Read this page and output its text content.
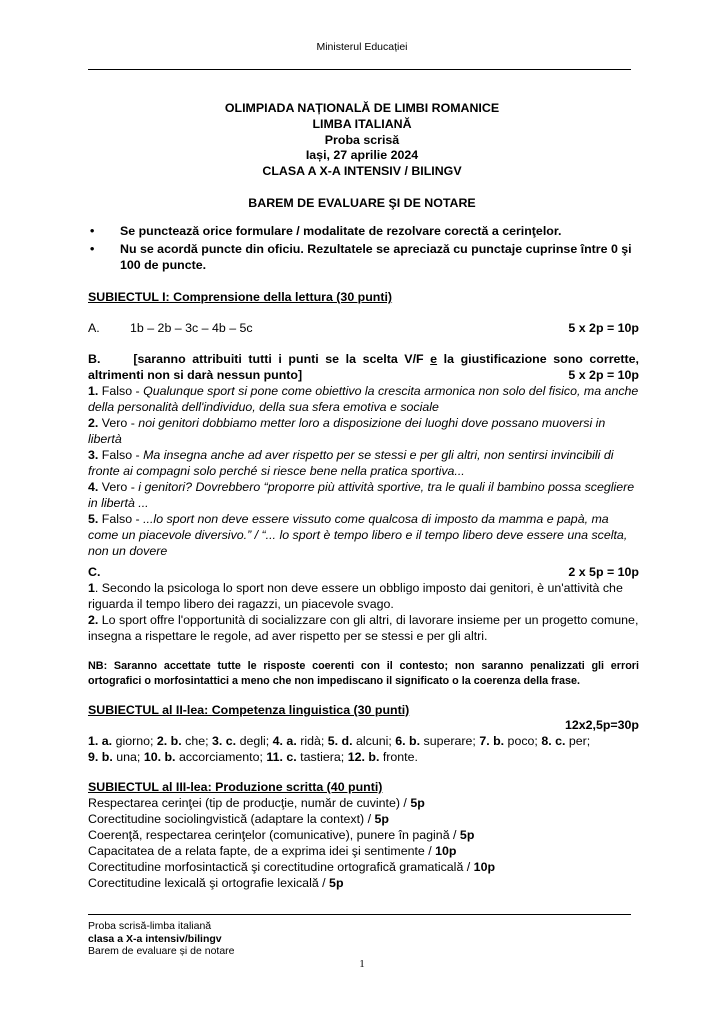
Ministerul Educației
OLIMPIADA NAȚIONALĂ DE LIMBI ROMANICE
LIMBA ITALIANĂ
Proba scrisă
Iași, 27 aprilie 2024
CLASA A X-A INTENSIV / BILINGV
BAREM DE EVALUARE ŞI DE NOTARE
• Se punctează orice formulare / modalitate de rezolvare corectă a cerinţelor.
• Nu se acordă puncte din oficiu. Rezultatele se apreciază cu punctaje cuprinse între 0 şi 100 de puncte.
SUBIECTUL I: Comprensione della lettura (30 punti)
A. 1b – 2b – 3c – 4b – 5c	5 x 2p = 10p
B.	[saranno attribuiti tutti i punti se la scelta V/F e la giustificazione sono corrette, altrimenti non si darà nessun punto]	5 x 2p = 10p
1. Falso - Qualunque sport si pone come obiettivo la crescita armonica non solo del fisico, ma anche della personalità dell'individuo, della sua sfera emotiva e sociale
2. Vero - noi genitori dobbiamo metter loro a disposizione dei luoghi dove possano muoversi in libertà
3. Falso - Ma insegna anche ad aver rispetto per se stessi e per gli altri, non sentirsi invincibili di fronte ai compagni solo perché si riesce bene nella pratica sportiva...
4. Vero - i genitori? Dovrebbero “proporre più attività sportive, tra le quali il bambino possa scegliere in libertà ...
5. Falso - ...lo sport non deve essere vissuto come qualcosa di imposto da mamma e papà, ma come un piacevole diversivo.” / “... lo sport è tempo libero e il tempo libero deve essere una scelta, non un dovere
C.	2 x 5p = 10p
1. Secondo la psicologa lo sport non deve essere un obbligo imposto dai genitori, è un'attività che riguarda il tempo libero dei ragazzi, un piacevole svago.
2. Lo sport offre l'opportunità di socializzare con gli altri, di lavorare insieme per un progetto comune, insegna a rispettare le regole, ad aver rispetto per se stessi e per gli altri.
NB: Saranno accettate tutte le risposte coerenti con il contesto; non saranno penalizzati gli errori ortografici o morfosintattici a meno che non impediscano il significato o la coerenza della frase.
SUBIECTUL al II-lea: Competenza linguistica (30 punti)
12x2,5p=30p
1. a. giorno; 2. b. che; 3. c. degli; 4. a. ridà; 5. d. alcuni; 6. b. superare; 7. b. poco; 8. c. per;
9. b. una; 10. b. accorciamento; 11. c. tastiera; 12. b. fronte.
SUBIECTUL al III-lea: Produzione scritta (40 punti)
Respectarea cerinţei (tip de producţie, număr de cuvinte) / 5p
Corectitudine sociolingvistică (adaptare la context) / 5p
Coerenţă, respectarea cerinţelor (comunicative), punere în pagină / 5p
Capacitatea de a relata fapte, de a exprima idei şi sentimente / 10p
Corectitudine morfosintactică şi corectitudine ortografică gramaticală / 10p
Corectitudine lexicală şi ortografie lexicală / 5p
Proba scrisă-limba italiană
clasa a X-a intensiv/bilingv
Barem de evaluare și de notare
1
